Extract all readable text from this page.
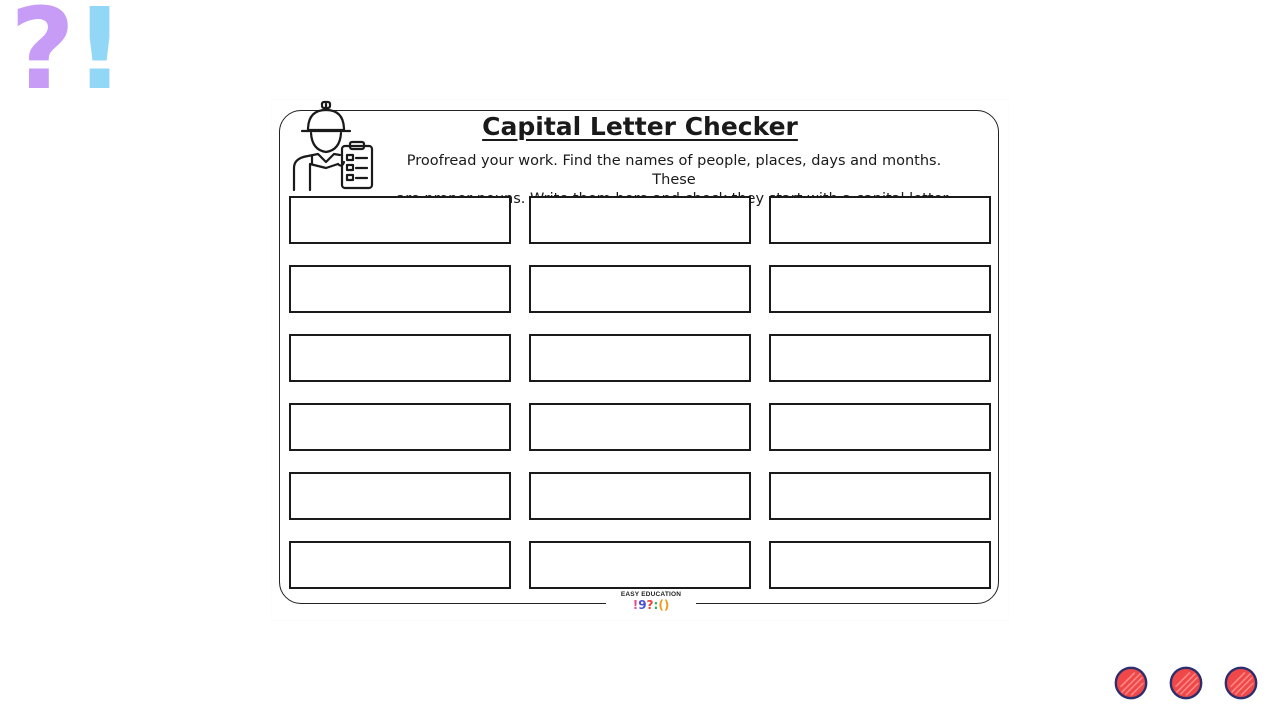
? !
Capital Letter Checker

Proofread your work. Find the names of people, places, days and months. These

EASY EDUCATION
!9?:()
